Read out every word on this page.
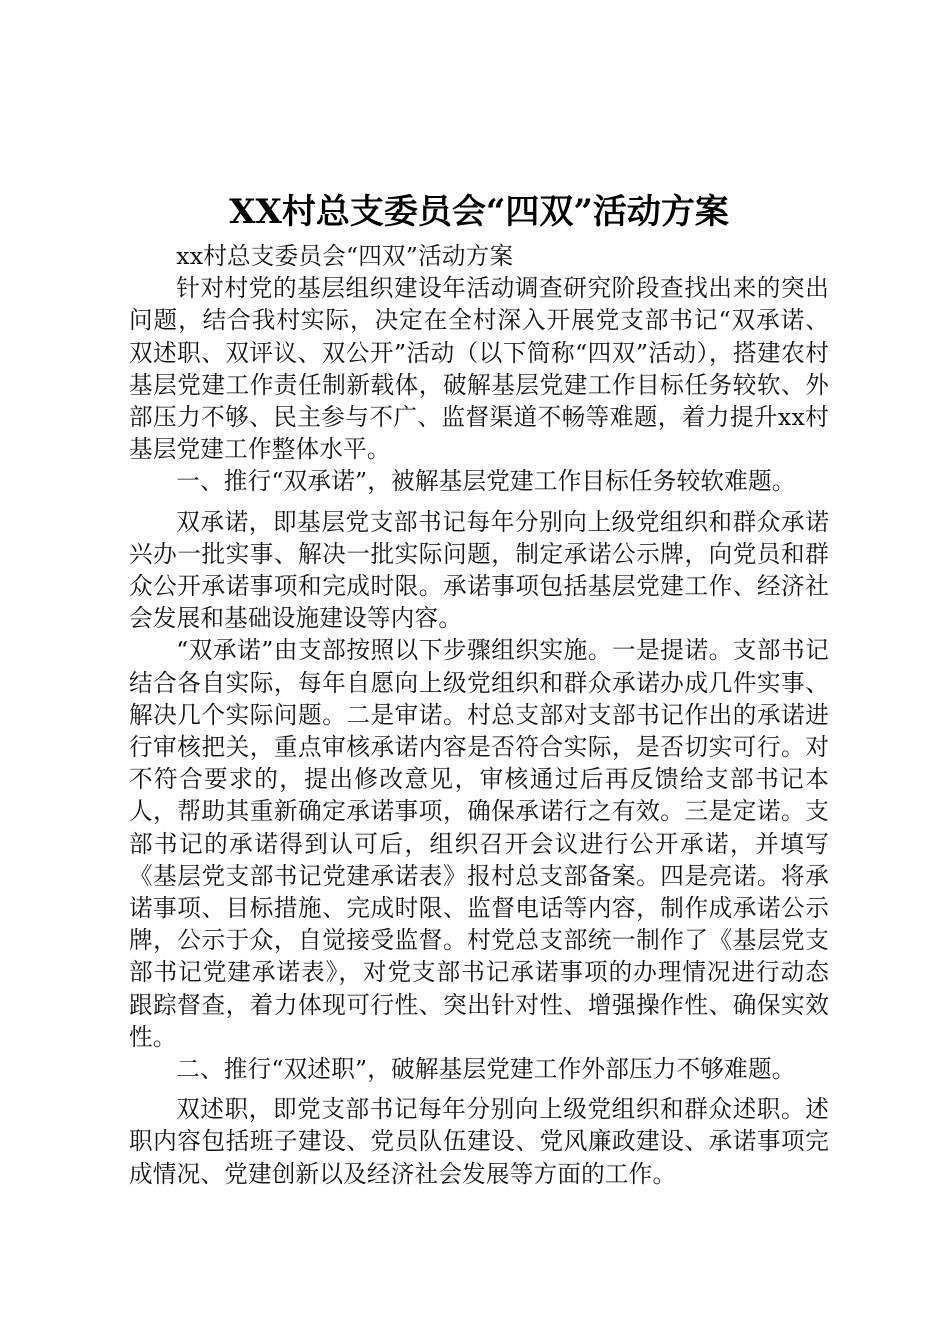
XX村总支委员会“四双”活动方案

xx村总支委员会“四双”活动方案

针对村党的基层组织建设年活动调查研究阶段查找出来的突出问题，结合我村实际，决定在全村深入开展党支部书记“双承诺、双述职、双评议、双公开”活动（以下简称“四双”活动），搭建农村基层党建工作责任制新载体，破解基层党建工作目标任务较软、外部压力不够、民主参与不广、监督渠道不畅等难题，着力提升xx村基层党建工作整体水平。

一、推行“双承诺”，被解基层党建工作目标任务较软难题。

双承诺，即基层党支部书记每年分别向上级党组织和群众承诺兴办一批实事、解决一批实际问题，制定承诺公示牌，向党员和群众公开承诺事项和完成时限。承诺事项包括基层党建工作、经济社会发展和基础设施建设等内容。

“双承诺”由支部按照以下步骤组织实施。一是提诺。支部书记结合各自实际，每年自愿向上级党组织和群众承诺办成几件实事、解决几个实际问题。二是审诺。村总支部对支部书记作出的承诺进行审核把关，重点审核承诺内容是否符合实际，是否切实可行。对不符合要求的，提出修改意见，审核通过后再反馈给支部书记本人，帮助其重新确定承诺事项，确保承诺行之有效。三是定诺。支部书记的承诺得到认可后，组织召开会议进行公开承诺，并填写《基层党支部书记党建承诺表》报村总支部备案。四是亮诺。将承诺事项、目标措施、完成时限、监督电话等内容，制作成承诺公示牌，公示于众，自觉接受监督。村党总支部统一制作了《基层党支部书记党建承诺表》，对党支部书记承诺事项的办理情况进行动态跟踪督查，着力体现可行性、突出针对性、增强操作性、确保实效性。

二、推行“双述职”，破解基层党建工作外部压力不够难题。

双述职，即党支部书记每年分别向上级党组织和群众述职。述职内容包括班子建设、党员队伍建设、党风廉政建设、承诺事项完成情况、党建创新以及经济社会发展等方面的工作。
